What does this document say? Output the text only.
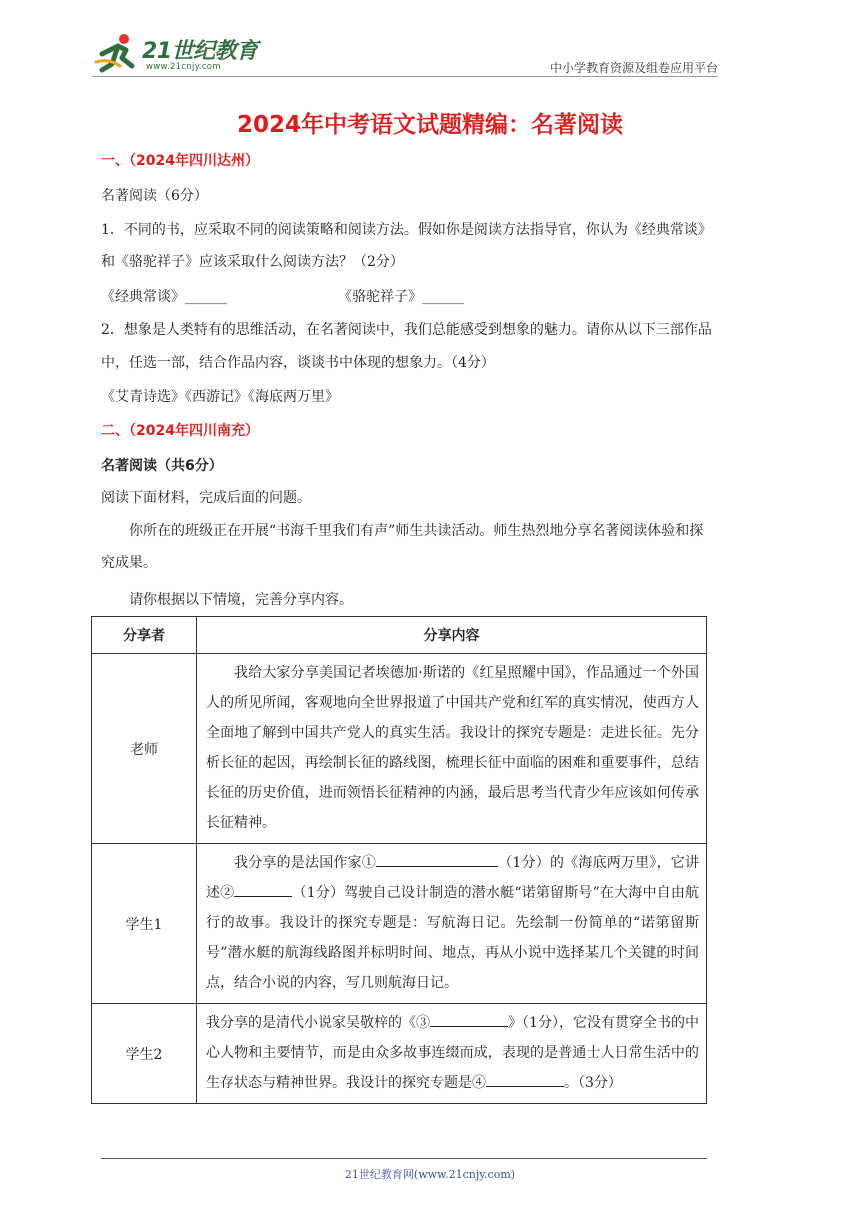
21世纪教育
www.21cnjy.com	中小学教育资源及组卷应用平台
2024年中考语文试题精编：名著阅读
一、（2024年四川达州）
名著阅读（6分）
1．不同的书，应采取不同的阅读策略和阅读方法。假如你是阅读方法指导官，你认为《经典常谈》
和《骆驼祥子》应该采取什么阅读方法？（2分）
《经典常谈》______	《骆驼祥子》______
2．想象是人类特有的思维活动，在名著阅读中，我们总能感受到想象的魅力。请你从以下三部作品
中，任选一部，结合作品内容，谈谈书中体现的想象力。（4分）
《艾青诗选》《西游记》《海底两万里》
二、（2024年四川南充）
名著阅读（共6分）
阅读下面材料，完成后面的问题。
你所在的班级正在开展“书海千里我们有声”师生共读活动。师生热烈地分享名著阅读体验和探
究成果。
请你根据以下情境，完善分享内容。
分享者	分享内容
老师	我给大家分享美国记者埃德加·斯诺的《红星照耀中国》，作品通过一个外国人的所见所闻，客观地向全世界报道了中国共产党和红军的真实情况，使西方人全面地了解到中国共产党人的真实生活。我设计的探究专题是：走进长征。先分析长征的起因，再绘制长征的路线图，梳理长征中面临的困难和重要事件，总结长征的历史价值，进而领悟长征精神的内涵，最后思考当代青少年应该如何传承长征精神。

学生1	我分享的是法国作家① （1分）的《海底两万里》，它讲述② （1分）驾驶自己设计制造的潜水艇“诺第留斯号”在大海中自由航行的故事。我设计的探究专题是：写航海日记。先绘制一份简单的“诺第留斯号”潜水艇的航海线路图并标明时间、地点，再从小说中选择某几个关键的时间点，结合小说的内容，写几则航海日记。

学生2	我分享的是清代小说家吴敬梓的《③ 》（1分），它没有贯穿全书的中心人物和主要情节，而是由众多故事连缀而成，表现的是普通士人日常生活中的生存状态与精神世界。我设计的探究专题是④ 。（3分）
21世纪教育网(www.21cnjy.com)
